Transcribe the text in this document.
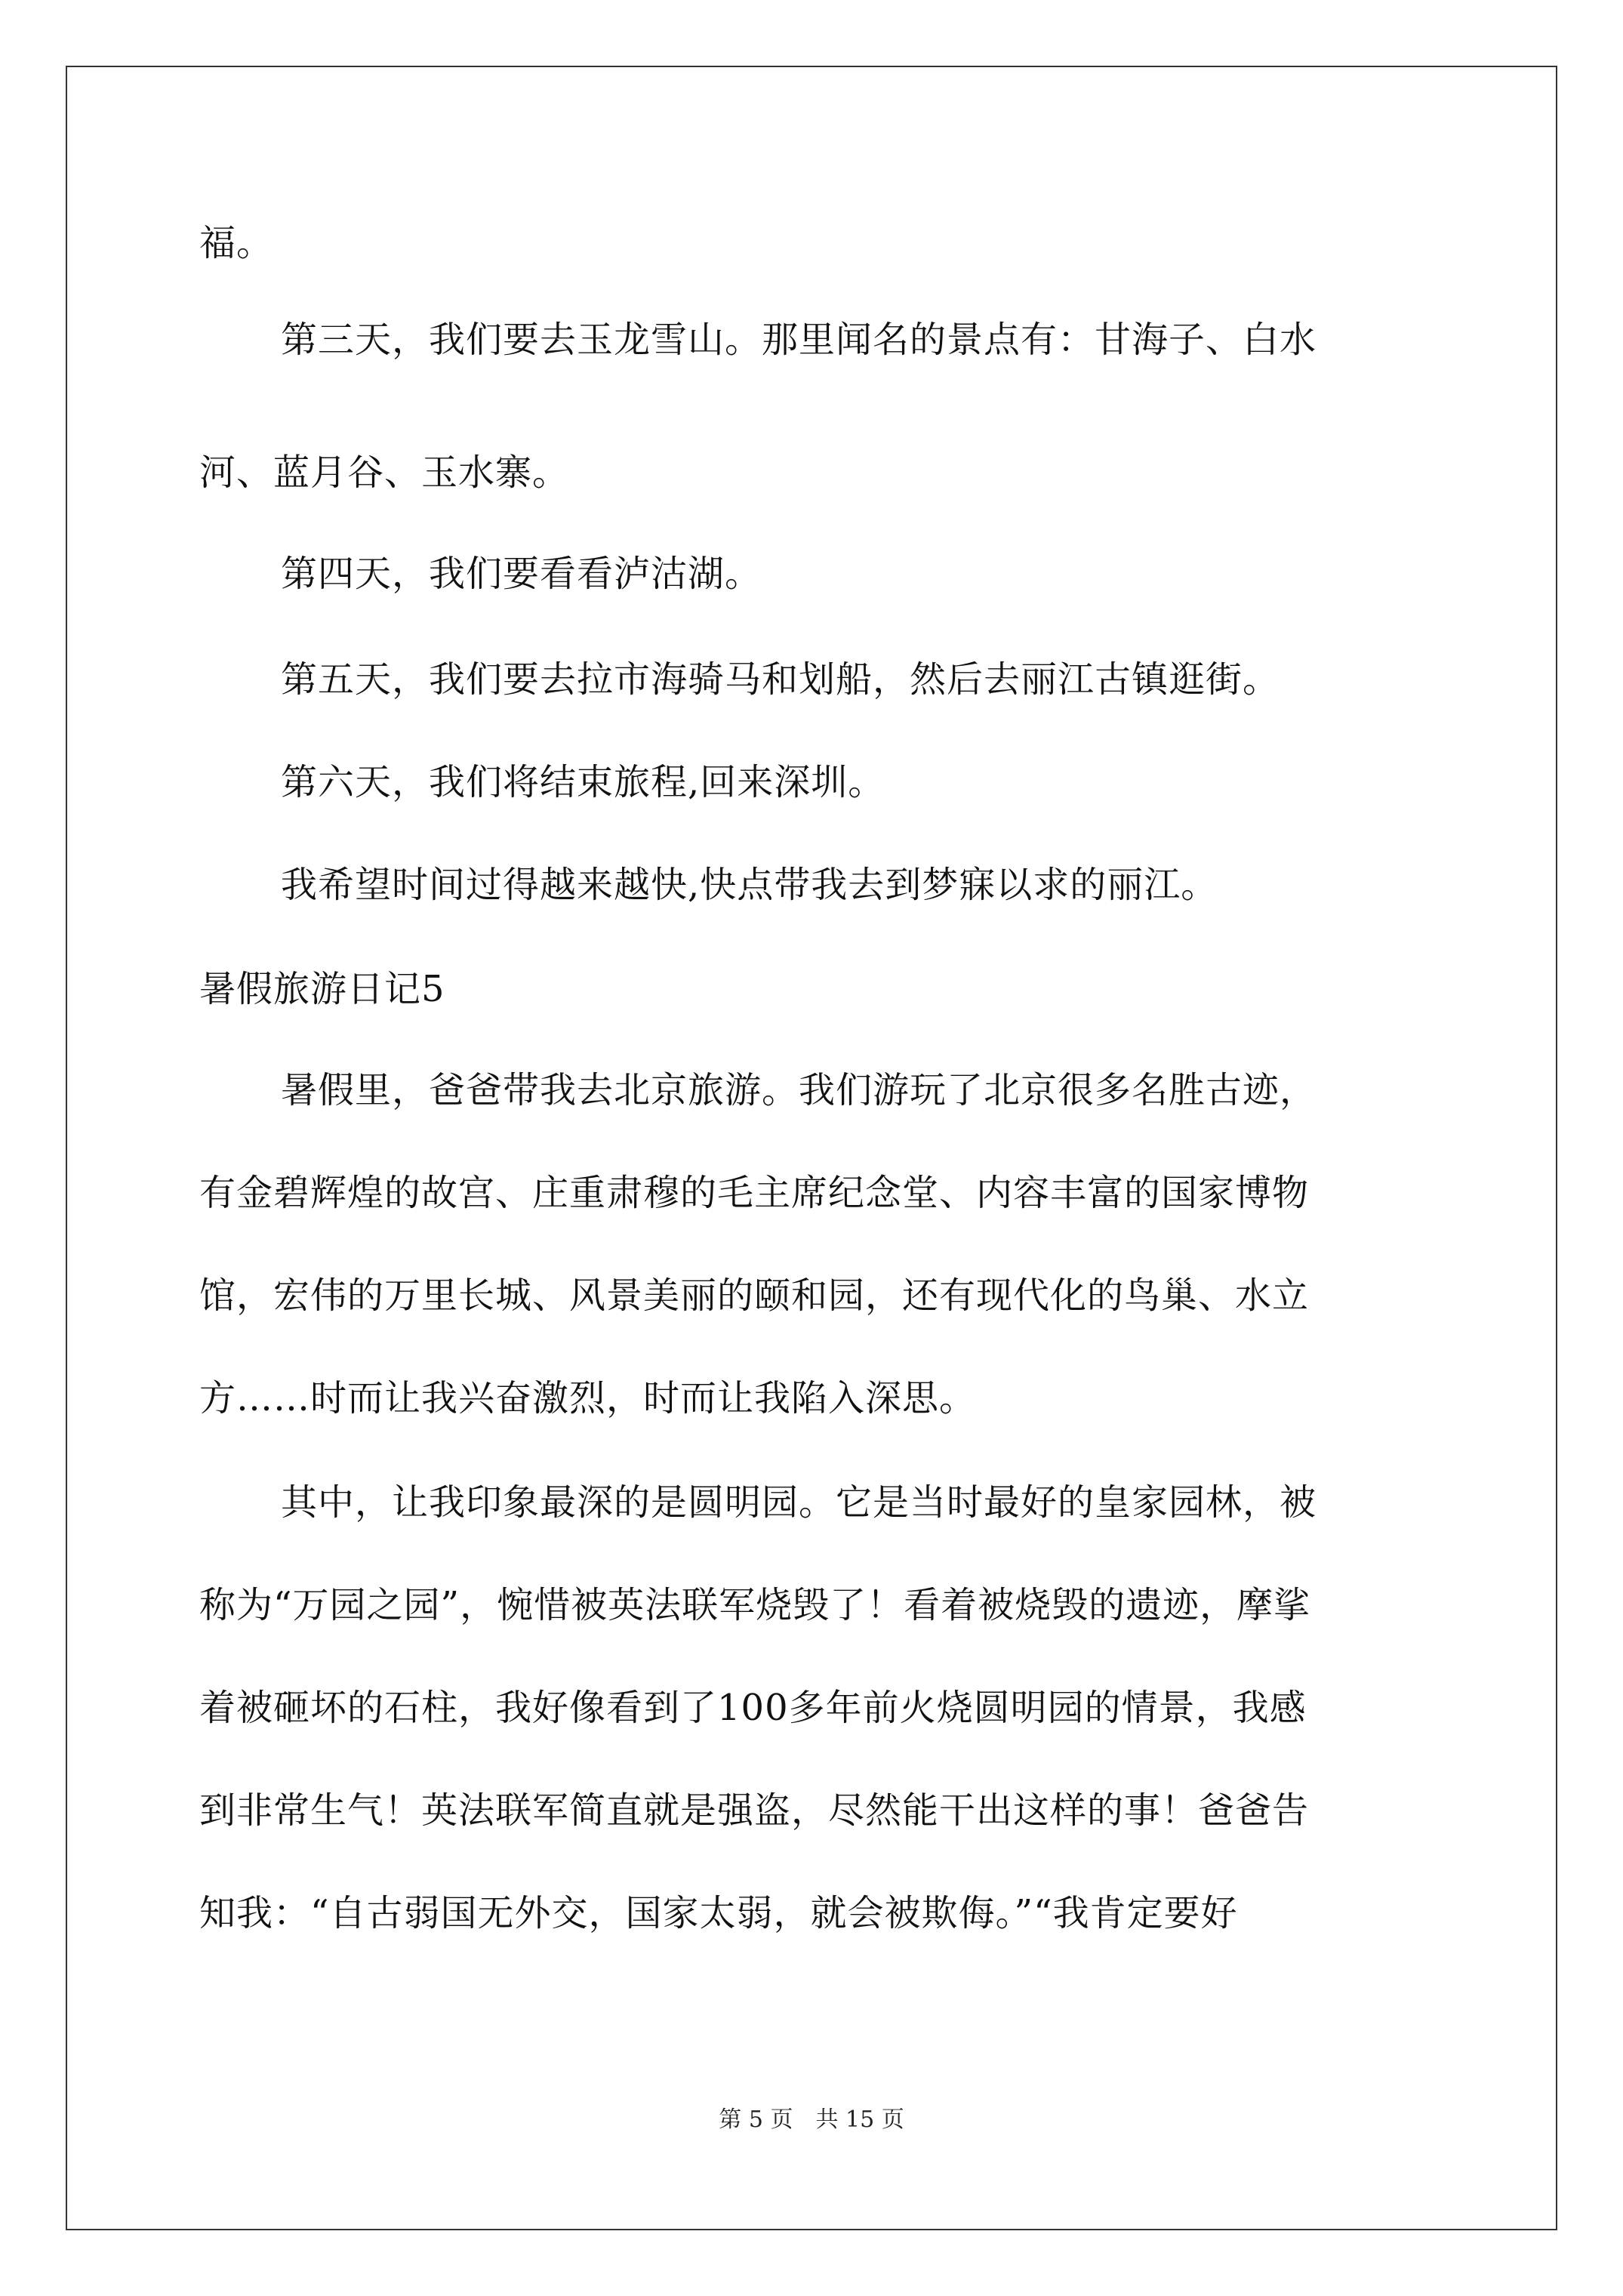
福。
第三天，我们要去玉龙雪山。那里闻名的景点有：甘海子、白水
河、蓝月谷、玉水寨。
第四天，我们要看看泸沽湖。
第五天，我们要去拉市海骑马和划船，然后去丽江古镇逛街。
第六天，我们将结束旅程,回来深圳。
我希望时间过得越来越快,快点带我去到梦寐以求的丽江。
暑假旅游日记5
暑假里，爸爸带我去北京旅游。我们游玩了北京很多名胜古迹，
有金碧辉煌的故宫、庄重肃穆的毛主席纪念堂、内容丰富的国家博物
馆，宏伟的万里长城、风景美丽的颐和园，还有现代化的鸟巢、水立
方……时而让我兴奋激烈，时而让我陷入深思。
其中，让我印象最深的是圆明园。它是当时最好的皇家园林，被
称为“万园之园”，惋惜被英法联军烧毁了！看着被烧毁的遗迹，摩挲
着被砸坏的石柱，我好像看到了100多年前火烧圆明园的情景，我感
到非常生气！英法联军简直就是强盗，尽然能干出这样的事！爸爸告
知我：“自古弱国无外交，国家太弱，就会被欺侮。”“我肯定要好
第 5 页　共 15 页
